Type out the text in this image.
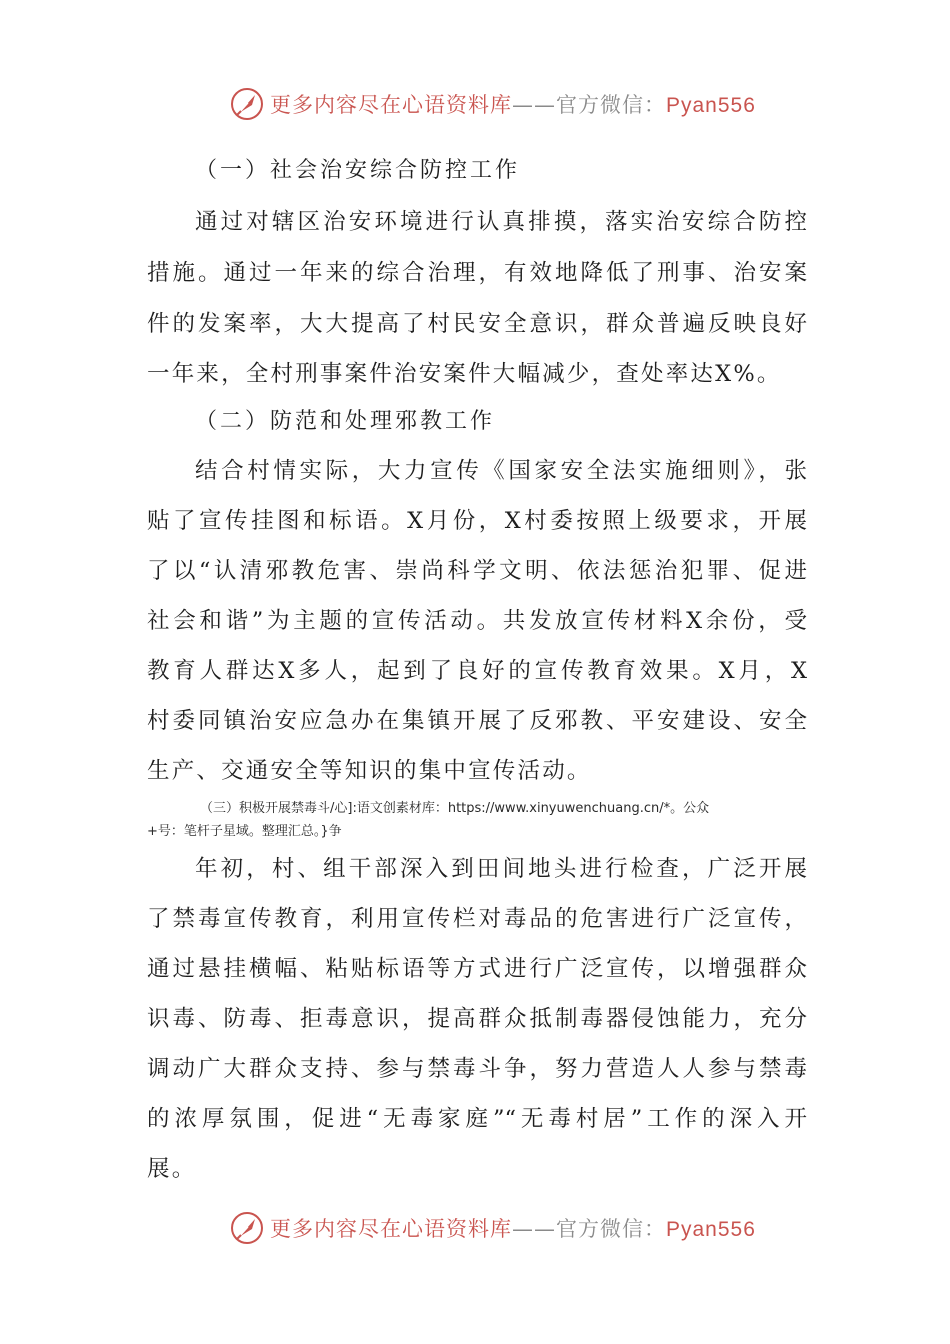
更多内容尽在心语资料库——官方微信：Pyan556
（一）社会治安综合防控工作
通过对辖区治安环境进行认真排摸，落实治安综合防控
措施。通过一年来的综合治理，有效地降低了刑事、治安案
件的发案率，大大提高了村民安全意识，群众普遍反映良好
一年来，全村刑事案件治安案件大幅减少，查处率达X%。
（二）防范和处理邪教工作
结合村情实际，大力宣传《国家安全法实施细则》，张
贴了宣传挂图和标语。X月份，X村委按照上级要求，开展
了以“认清邪教危害、崇尚科学文明、依法惩治犯罪、促进
社会和谐”为主题的宣传活动。共发放宣传材料X余份，受
教育人群达X多人，起到了良好的宣传教育效果。X月，X
村委同镇治安应急办在集镇开展了反邪教、平安建设、安全
生产、交通安全等知识的集中宣传活动。
（三）积极开展禁毒斗/心]:语文创素材库：https://www.xinyuwenchuang.cn/*。公众
+号：笔杆子星域。整理汇总。}争
年初，村、组干部深入到田间地头进行检查，广泛开展
了禁毒宣传教育，利用宣传栏对毒品的危害进行广泛宣传，
通过悬挂横幅、粘贴标语等方式进行广泛宣传，以增强群众
识毒、防毒、拒毒意识，提高群众抵制毒器侵蚀能力，充分
调动广大群众支持、参与禁毒斗争，努力营造人人参与禁毒
的浓厚氛围，促进“无毒家庭”“无毒村居”工作的深入开
展。
更多内容尽在心语资料库——官方微信：Pyan556
